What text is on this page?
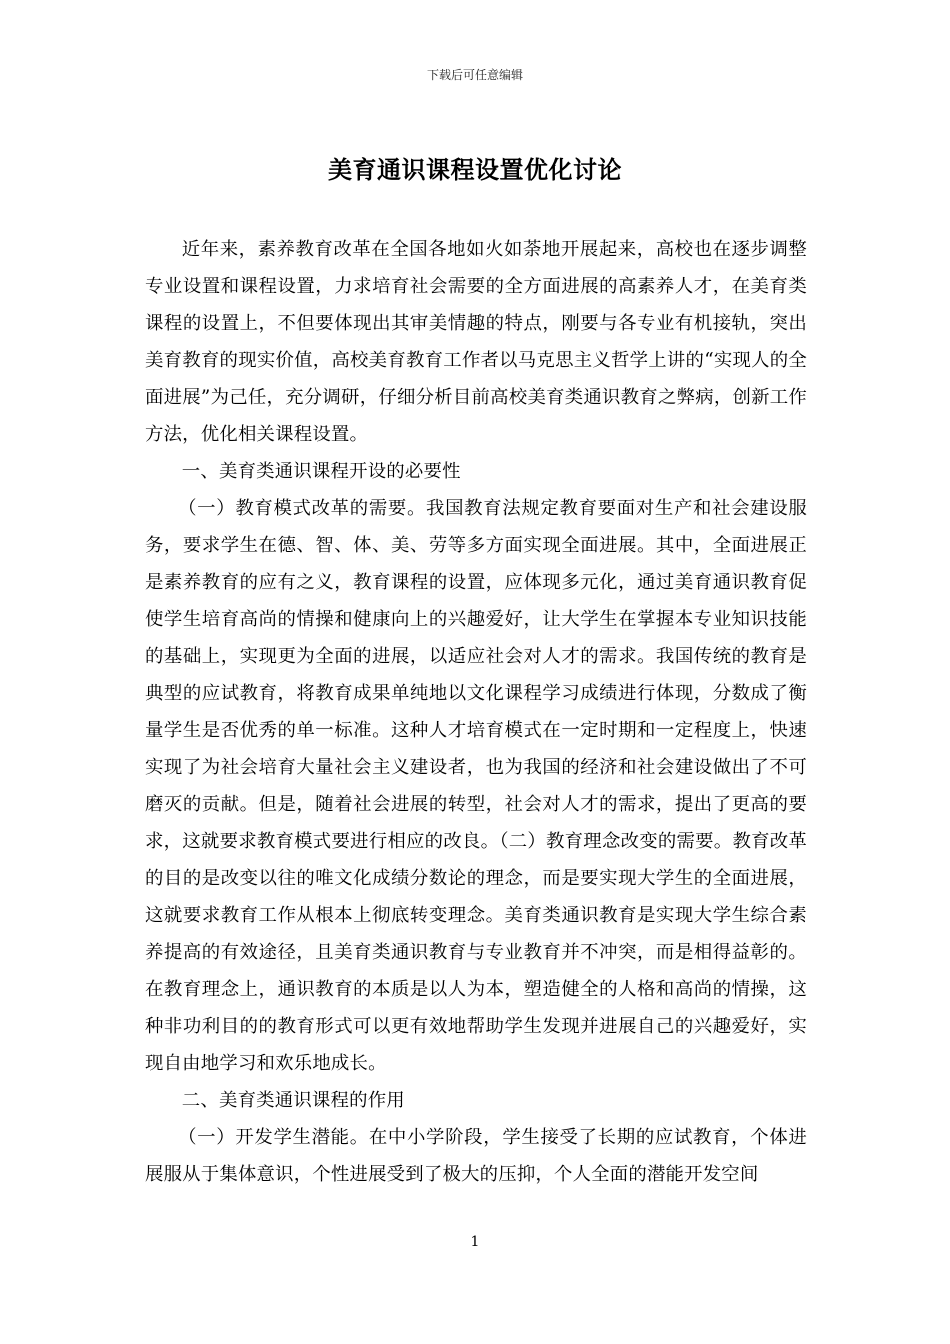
下载后可任意编辑
美育通识课程设置优化讨论

近年来，素养教育改革在全国各地如火如荼地开展起来，高校也在逐步调整专业设置和课程设置，力求培育社会需要的全方面进展的高素养人才，在美育类课程的设置上，不但要体现出其审美情趣的特点，刚要与各专业有机接轨，突出美育教育的现实价值，高校美育教育工作者以马克思主义哲学上讲的“实现人的全面进展”为己任，充分调研，仔细分析目前高校美育类通识教育之弊病，创新工作方法，优化相关课程设置。

一、美育类通识课程开设的必要性

（一）教育模式改革的需要。我国教育法规定教育要面对生产和社会建设服务，要求学生在德、智、体、美、劳等多方面实现全面进展。其中，全面进展正是素养教育的应有之义，教育课程的设置，应体现多元化，通过美育通识教育促使学生培育高尚的情操和健康向上的兴趣爱好，让大学生在掌握本专业知识技能的基础上，实现更为全面的进展，以适应社会对人才的需求。我国传统的教育是典型的应试教育，将教育成果单纯地以文化课程学习成绩进行体现，分数成了衡量学生是否优秀的单一标准。这种人才培育模式在一定时期和一定程度上，快速实现了为社会培育大量社会主义建设者，也为我国的经济和社会建设做出了不可磨灭的贡献。但是，随着社会进展的转型，社会对人才的需求，提出了更高的要求，这就要求教育模式要进行相应的改良。（二）教育理念改变的需要。教育改革的目的是改变以往的唯文化成绩分数论的理念，而是要实现大学生的全面进展，这就要求教育工作从根本上彻底转变理念。美育类通识教育是实现大学生综合素养提高的有效途径，且美育类通识教育与专业教育并不冲突，而是相得益彰的。在教育理念上，通识教育的本质是以人为本，塑造健全的人格和高尚的情操，这种非功利目的的教育形式可以更有效地帮助学生发现并进展自己的兴趣爱好，实现自由地学习和欢乐地成长。

二、美育类通识课程的作用

（一）开发学生潜能。在中小学阶段，学生接受了长期的应试教育，个体进展服从于集体意识，个性进展受到了极大的压抑，个人全面的潜能开发空间

1
